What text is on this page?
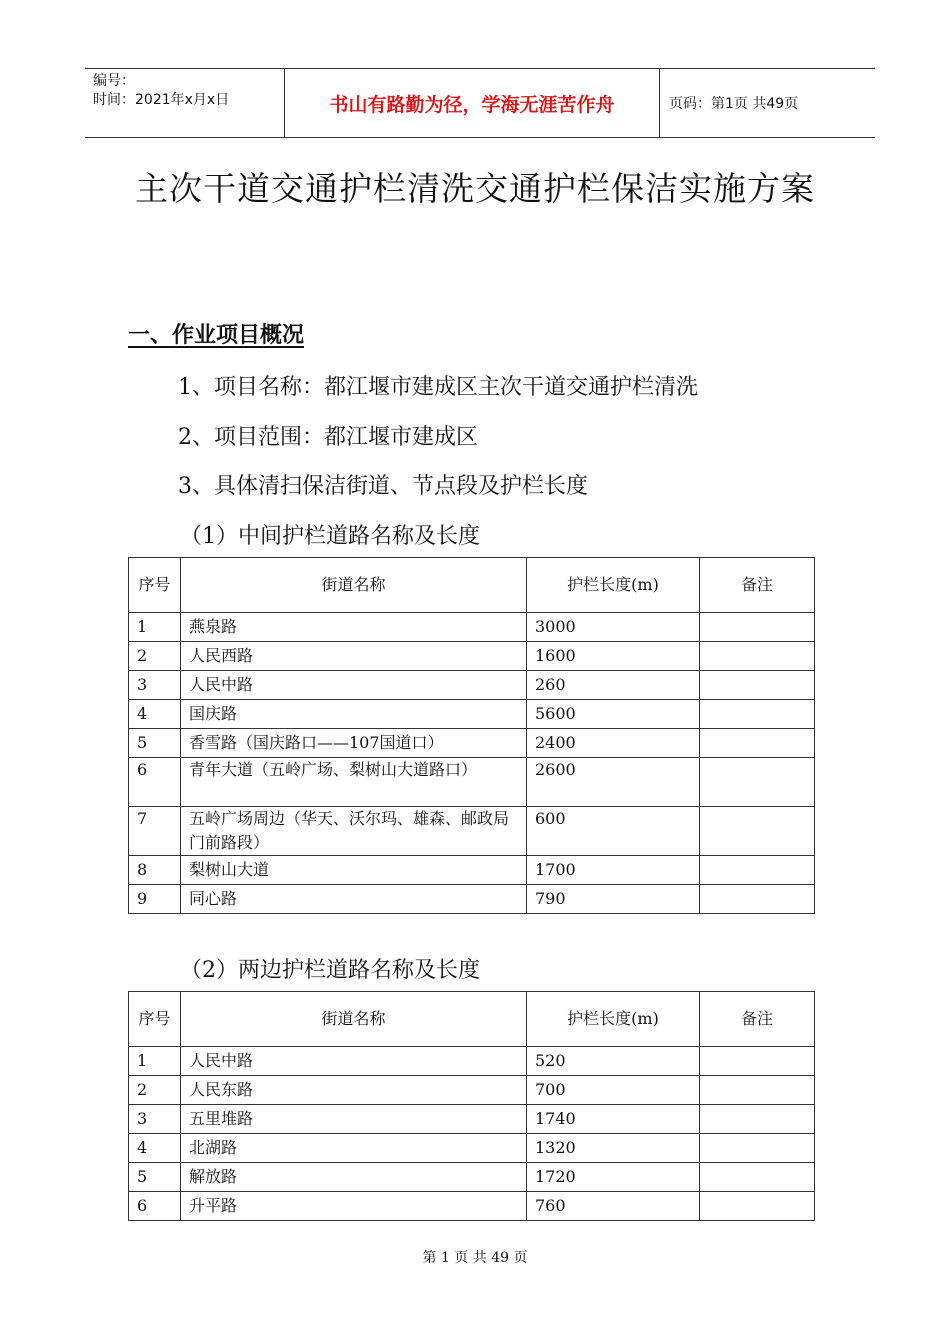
编号：
时间：2021年x月x日	书山有路勤为径，学海无涯苦作舟	页码：第1页 共49页
主次干道交通护栏清洗交通护栏保洁实施方案
一、作业项目概况
1、项目名称：都江堰市建成区主次干道交通护栏清洗
2、项目范围：都江堰市建成区
3、具体清扫保洁街道、节点段及护栏长度
（1）中间护栏道路名称及长度
序号	街道名称	护栏长度(m)	备注
1	燕泉路	3000	
2	人民西路	1600	
3	人民中路	260	
4	国庆路	5600	
5	香雪路（国庆路口——107国道口）	2400	
6	青年大道（五岭广场、梨树山大道路口）	2600	
7	五岭广场周边（华天、沃尔玛、雄森、邮政局门前路段）	600	
8	梨树山大道	1700	
9	同心路	790	
（2）两边护栏道路名称及长度
序号	街道名称	护栏长度(m)	备注
1	人民中路	520	
2	人民东路	700	
3	五里堆路	1740	
4	北湖路	1320	
5	解放路	1720	
6	升平路	760	
第 1 页 共 49 页
